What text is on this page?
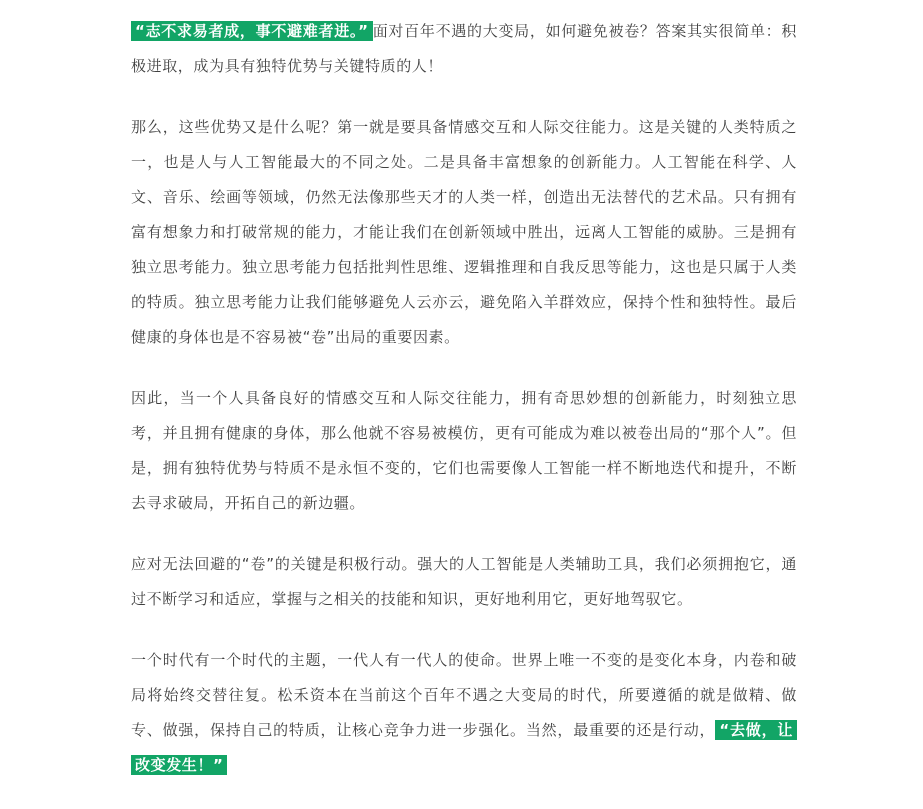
“志不求易者成，事不避难者进。” 面对百年不遇的大变局，如何避免被卷？答案其实很简单：积极进取，成为具有独特优势与关键特质的人！

那么，这些优势又是什么呢？第一就是要具备情感交互和人际交往能力。这是关键的人类特质之一，也是人与人工智能最大的不同之处。二是具备丰富想象的创新能力。人工智能在科学、人文、音乐、绘画等领域，仍然无法像那些天才的人类一样，创造出无法替代的艺术品。只有拥有富有想象力和打破常规的能力，才能让我们在创新领域中胜出，远离人工智能的威胁。三是拥有独立思考能力。独立思考能力包括批判性思维、逻辑推理和自我反思等能力，这也是只属于人类的特质。独立思考能力让我们能够避免人云亦云，避免陷入羊群效应，保持个性和独特性。最后健康的身体也是不容易被“卷”出局的重要因素。

因此，当一个人具备良好的情感交互和人际交往能力，拥有奇思妙想的创新能力，时刻独立思考，并且拥有健康的身体，那么他就不容易被模仿，更有可能成为难以被卷出局的“那个人”。但是，拥有独特优势与特质不是永恒不变的，它们也需要像人工智能一样不断地迭代和提升，不断去寻求破局，开拓自己的新边疆。

应对无法回避的“卷”的关键是积极行动。强大的人工智能是人类辅助工具，我们必须拥抱它，通过不断学习和适应，掌握与之相关的技能和知识，更好地利用它，更好地驾驭它。

一个时代有一个时代的主题，一代人有一代人的使命。世界上唯一不变的是变化本身，内卷和破局将始终交替往复。松禾资本在当前这个百年不遇之大变局的时代，所要遵循的就是做精、做专、做强，保持自己的特质，让核心竞争力进一步强化。当然，最重要的还是行动， “去做，让改变发生！”
